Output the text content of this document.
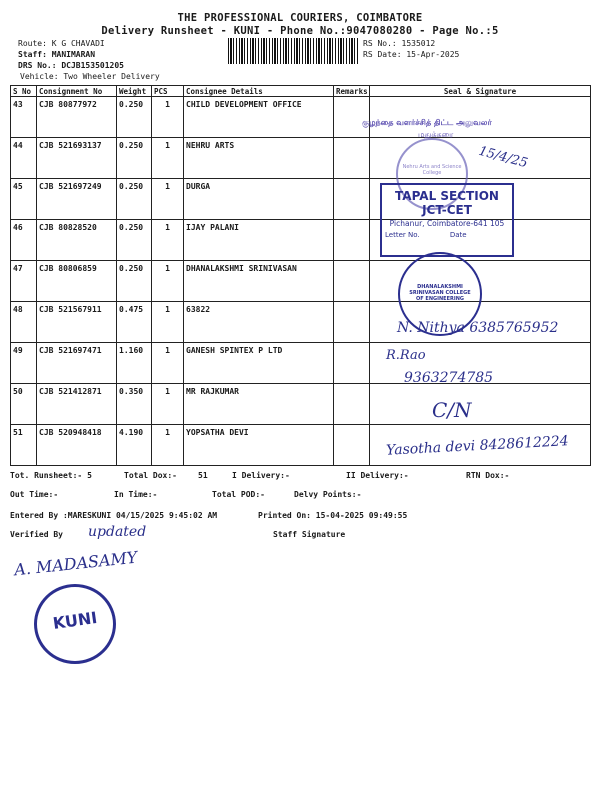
THE PROFESSIONAL COURIERS, COIMBATORE
Delivery Runsheet - KUNI - Phone No.:9047080280 - Page No.:5
Route: K G CHAVADI
Staff: MANIMARAN
DRS No.: DCJB153501205
Vehicle: Two Wheeler Delivery
RS No.: 1535012
RS Date: 15-Apr-2025
S No	Consignment No	Weight	PCS	Consignee Details	Remarks	Seal & Signature
43	CJB 80877972	0.250	1	CHILD DEVELOPMENT OFFICE		
44	CJB 521693137	0.250	1	NEHRU ARTS		
45	CJB 521697249	0.250	1	DURGA		
46	CJB 80828520	0.250	1	IJAY PALANI		
47	CJB 80806859	0.250	1	DHANALAKSHMI SRINIVASAN		
48	CJB 521567911	0.475	1	63822		
49	CJB 521697471	1.160	1	GANESH SPINTEX P LTD		
50	CJB 521412871	0.350	1	MR RAJKUMAR		
51	CJB 520948418	4.190	1	YOPSATHA DEVI		
குழந்தை வளர்ச்சித் திட்ட அலுவலர்
மதுக்கரை
Nehru Arts and Science College
15/4/25
TAPAL SECTION
JCT-CET
Pichanur, Coimbatore-641 105
Letter No.	Date
DHANALAKSHMI SRINIVASAN COLLEGE OF ENGINEERING
N. Nithya 6385765952
R.Rao
9363274785
C/N
Yasotha devi 8428612224
Tot. Runsheet:- 5	Total Dox:-	51	I Delivery:-	II Delivery:-	RTN Dox:-
Out Time:-	In Time:-	Total POD:-	Delvy Points:-
Entered By :MARESKUNI 04/15/2025 9:45:02 AM	Printed On: 15-04-2025 09:49:55
Verified By updated	Staff Signature
A. MADASAMY
KUNI
